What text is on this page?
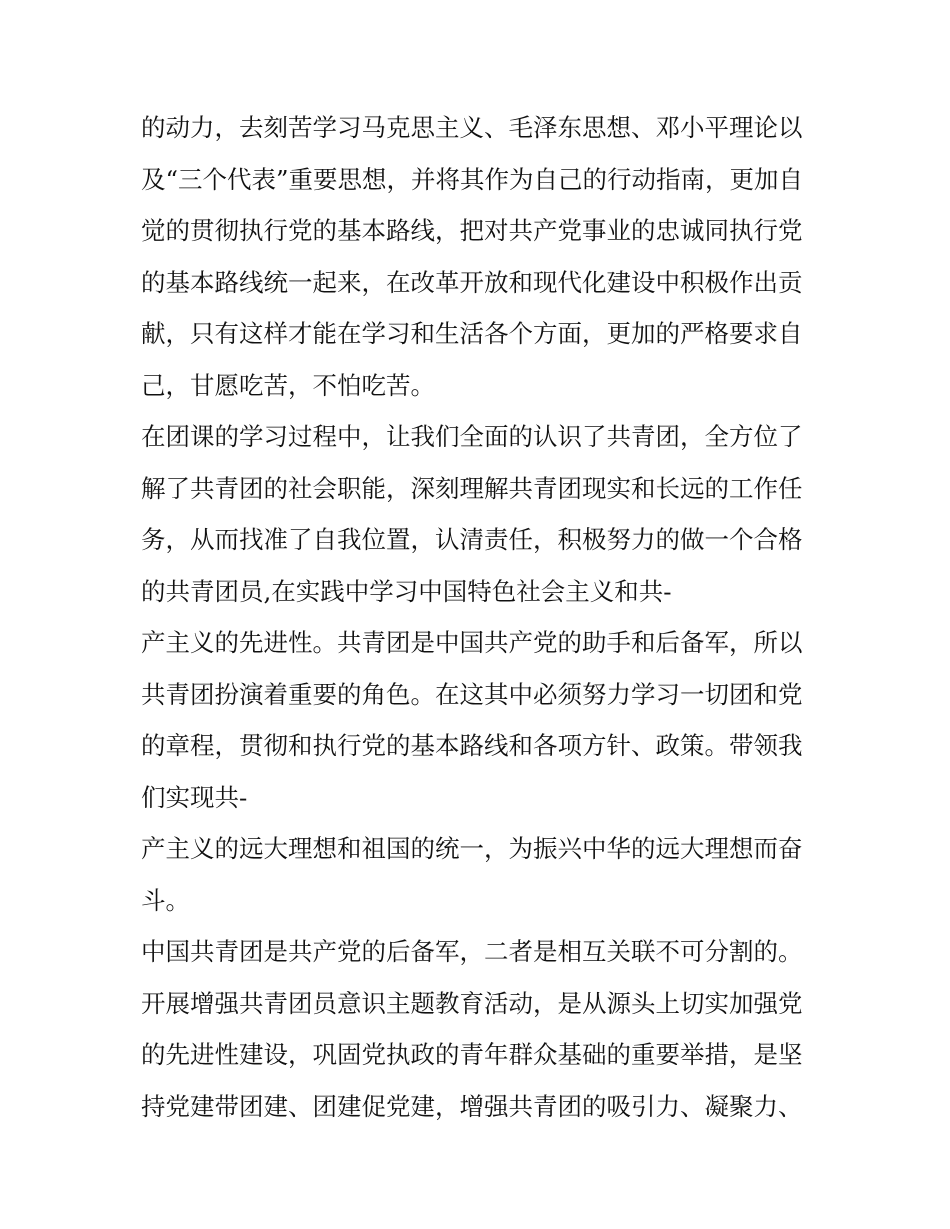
的动力，去刻苦学习马克思主义、毛泽东思想、邓小平理论以
及“三个代表”重要思想，并将其作为自己的行动指南，更加自
觉的贯彻执行党的基本路线，把对共产党事业的忠诚同执行党
的基本路线统一起来，在改革开放和现代化建设中积极作出贡
献，只有这样才能在学习和生活各个方面，更加的严格要求自
己，甘愿吃苦，不怕吃苦。
在团课的学习过程中，让我们全面的认识了共青团，全方位了
解了共青团的社会职能，深刻理解共青团现实和长远的工作任
务，从而找准了自我位置，认清责任，积极努力的做一个合格
的共青团员,在实践中学习中国特色社会主义和共-
产主义的先进性。共青团是中国共产党的助手和后备军，所以
共青团扮演着重要的角色。在这其中必须努力学习一切团和党
的章程，贯彻和执行党的基本路线和各项方针、政策。带领我
们实现共-
产主义的远大理想和祖国的统一，为振兴中华的远大理想而奋
斗。
中国共青团是共产党的后备军，二者是相互关联不可分割的。
开展增强共青团员意识主题教育活动，是从源头上切实加强党
的先进性建设，巩固党执政的青年群众基础的重要举措，是坚
持党建带团建、团建促党建，增强共青团的吸引力、凝聚力、
